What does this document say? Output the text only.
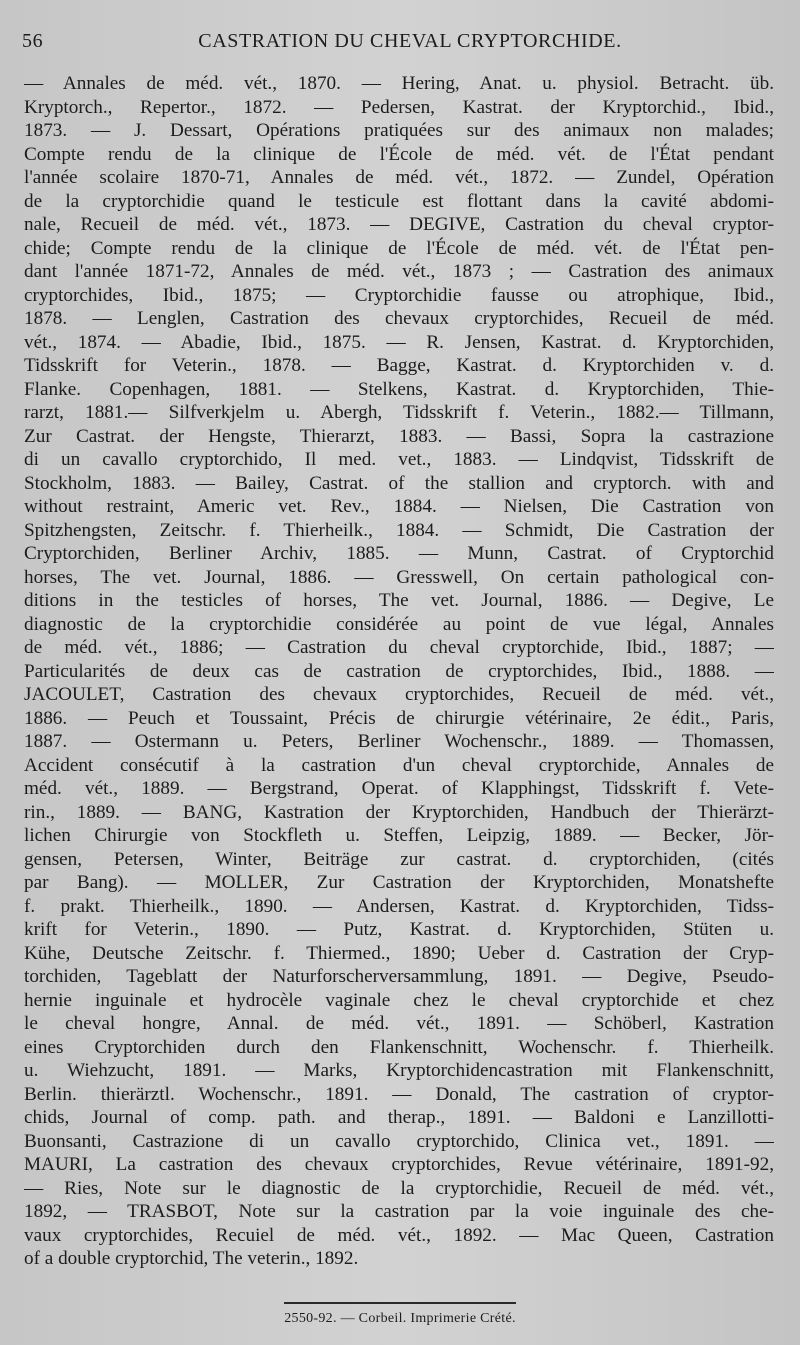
56	CASTRATION DU CHEVAL CRYPTORCHIDE.
— Annales de méd. vét., 1870. — Hering, Anat. u. physiol. Betracht. üb.
Kryptorch., Repertor., 1872. — Pedersen, Kastrat. der Kryptorchid., Ibid.,
1873. — J. Dessart, Opérations pratiquées sur des animaux non malades;
Compte rendu de la clinique de l'École de méd. vét. de l'État pendant
l'année scolaire 1870-71, Annales de méd. vét., 1872. — Zundel, Opération
de la cryptorchidie quand le testicule est flottant dans la cavité abdomi-
nale, Recueil de méd. vét., 1873. — DEGIVE, Castration du cheval cryptor-
chide; Compte rendu de la clinique de l'École de méd. vét. de l'État pen-
dant l'année 1871-72, Annales de méd. vét., 1873 ; — Castration des animaux
cryptorchides, Ibid., 1875; — Cryptorchidie fausse ou atrophique, Ibid.,
1878. — Lenglen, Castration des chevaux cryptorchides, Recueil de méd.
vét., 1874. — Abadie, Ibid., 1875. — R. Jensen, Kastrat. d. Kryptorchiden,
Tidsskrift for Veterin., 1878. — Bagge, Kastrat. d. Kryptorchiden v. d.
Flanke. Copenhagen, 1881. — Stelkens, Kastrat. d. Kryptorchiden, Thie-
rarzt, 1881.— Silfverkjelm u. Abergh, Tidsskrift f. Veterin., 1882.— Tillmann,
Zur Castrat. der Hengste, Thierarzt, 1883. — Bassi, Sopra la castrazione
di un cavallo cryptorchido, Il med. vet., 1883. — Lindqvist, Tidsskrift de
Stockholm, 1883. — Bailey, Castrat. of the stallion and cryptorch. with and
without restraint, Americ vet. Rev., 1884. — Nielsen, Die Castration von
Spitzhengsten, Zeitschr. f. Thierheilk., 1884. — Schmidt, Die Castration der
Cryptorchiden, Berliner Archiv, 1885. — Munn, Castrat. of Cryptorchid
horses, The vet. Journal, 1886. — Gresswell, On certain pathological con-
ditions in the testicles of horses, The vet. Journal, 1886. — Degive, Le
diagnostic de la cryptorchidie considérée au point de vue légal, Annales
de méd. vét., 1886; — Castration du cheval cryptorchide, Ibid., 1887; —
Particularités de deux cas de castration de cryptorchides, Ibid., 1888. —
JACOULET, Castration des chevaux cryptorchides, Recueil de méd. vét.,
1886. — Peuch et Toussaint, Précis de chirurgie vétérinaire, 2e édit., Paris,
1887. — Ostermann u. Peters, Berliner Wochenschr., 1889. — Thomassen,
Accident consécutif à la castration d'un cheval cryptorchide, Annales de
méd. vét., 1889. — Bergstrand, Operat. of Klapphingst, Tidsskrift f. Vete-
rin., 1889. — BANG, Kastration der Kryptorchiden, Handbuch der Thierärzt-
lichen Chirurgie von Stockfleth u. Steffen, Leipzig, 1889. — Becker, Jör-
gensen, Petersen, Winter, Beiträge zur castrat. d. cryptorchiden, (cités
par Bang). — MOLLER, Zur Castration der Kryptorchiden, Monatshefte
f. prakt. Thierheilk., 1890. — Andersen, Kastrat. d. Kryptorchiden, Tidss-
krift for Veterin., 1890. — Putz, Kastrat. d. Kryptorchiden, Stüten u.
Kühe, Deutsche Zeitschr. f. Thiermed., 1890; Ueber d. Castration der Cryp-
torchiden, Tageblatt der Naturforscherversammlung, 1891. — Degive, Pseudo-
hernie inguinale et hydrocèle vaginale chez le cheval cryptorchide et chez
le cheval hongre, Annal. de méd. vét., 1891. — Schöberl, Kastration
eines Cryptorchiden durch den Flankenschnitt, Wochenschr. f. Thierheilk.
u. Wiehzucht, 1891. — Marks, Kryptorchidencastration mit Flankenschnitt,
Berlin. thierärztl. Wochenschr., 1891. — Donald, The castration of cryptor-
chids, Journal of comp. path. and therap., 1891. — Baldoni e Lanzillotti-
Buonsanti, Castrazione di un cavallo cryptorchido, Clinica vet., 1891. —
MAURI, La castration des chevaux cryptorchides, Revue vétérinaire, 1891-92,
— Ries, Note sur le diagnostic de la cryptorchidie, Recueil de méd. vét.,
1892, — TRASBOT, Note sur la castration par la voie inguinale des che-
vaux cryptorchides, Recuiel de méd. vét., 1892. — Mac Queen, Castration
of a double cryptorchid, The veterin., 1892.
2550-92. — Corbeil. Imprimerie Crété.
